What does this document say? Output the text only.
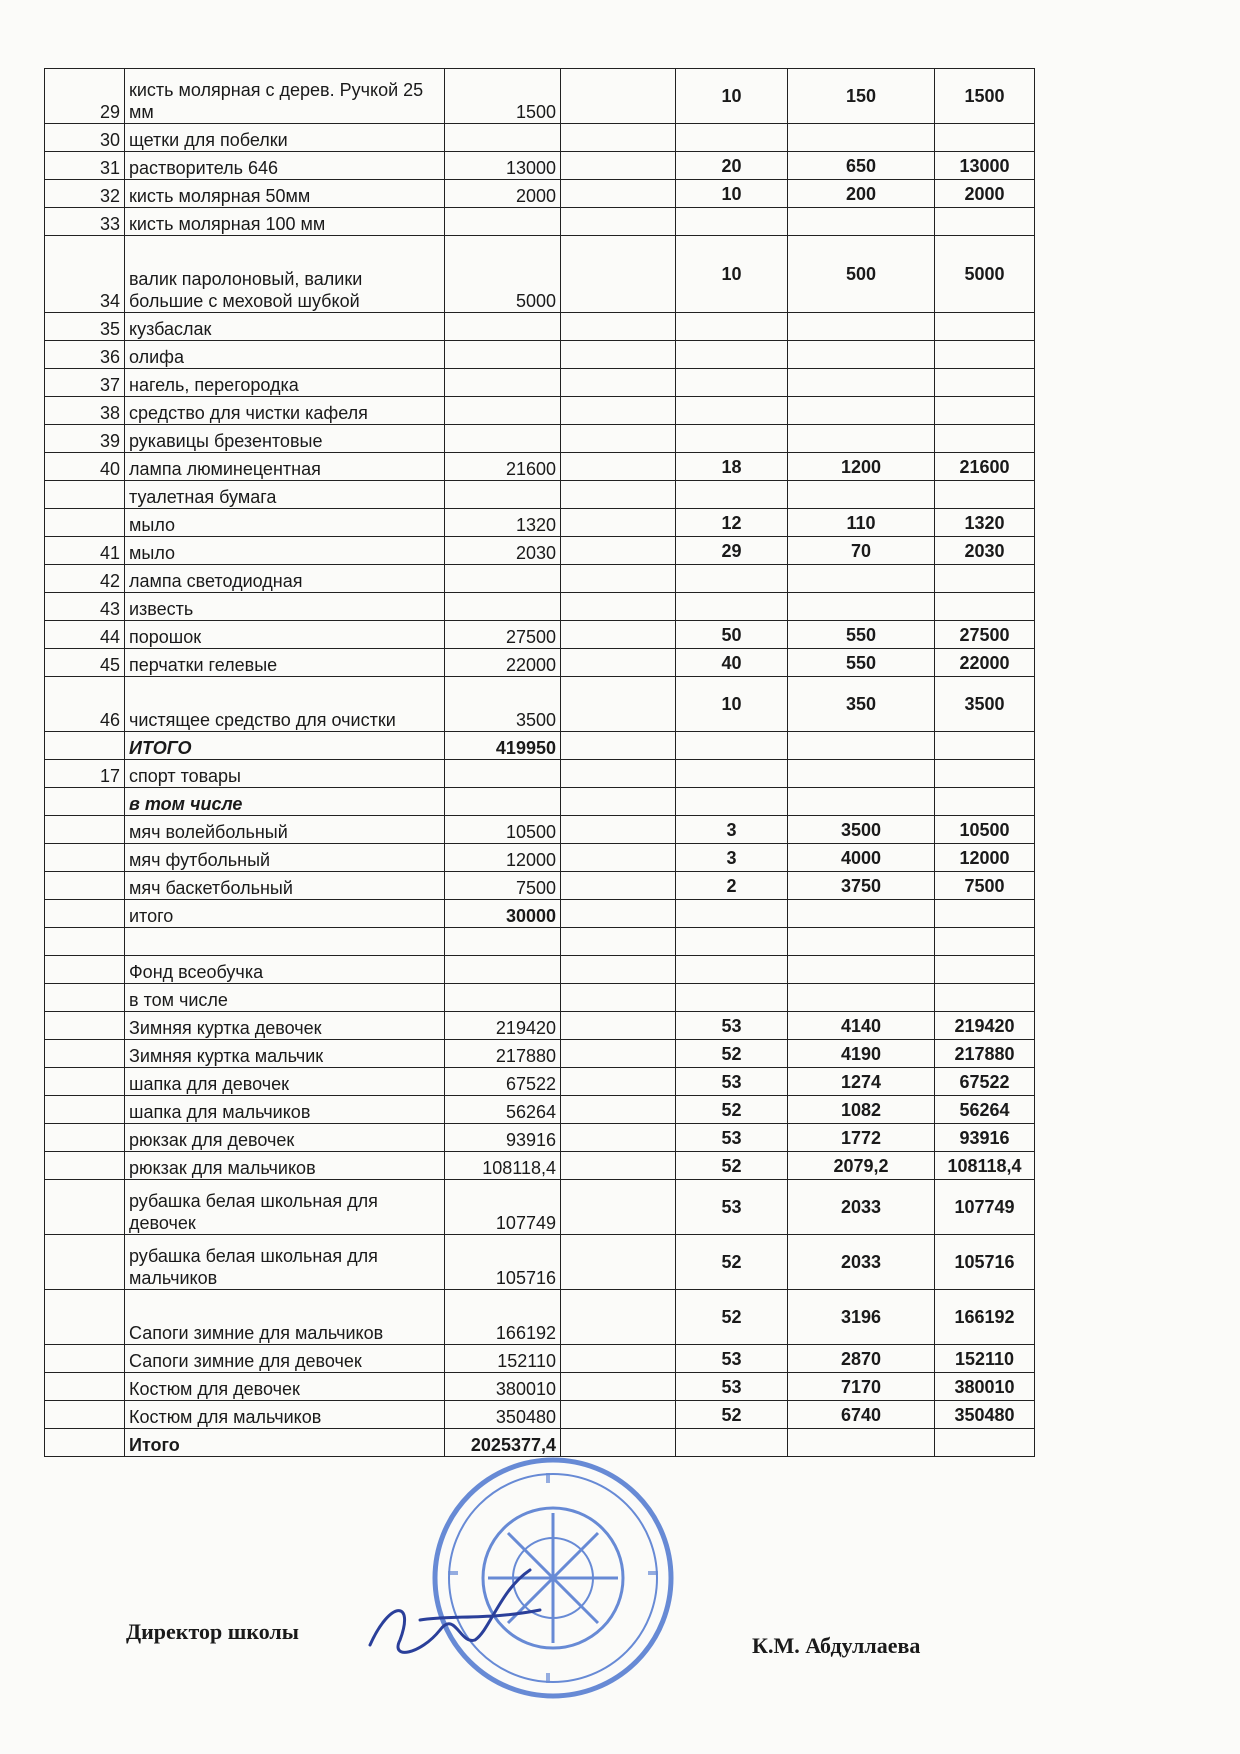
29	кисть молярная с дерев. Ручкой 25 мм	1500		10	150	1500
30	щетки для побелки					
31	растворитель 646	13000		20	650	13000
32	кисть молярная 50мм	2000		10	200	2000
33	кисть молярная 100 мм					
34	валик паролоновый, валики большие с меховой шубкой	5000		10	500	5000
35	кузбаслак					
36	олифа					
37	нагель, перегородка					
38	средство для чистки кафеля					
39	рукавицы брезентовые					
40	лампа люминецентная	21600		18	1200	21600
	туалетная бумага					
	мыло	1320		12	110	1320
41	мыло	2030		29	70	2030
42	лампа светодиодная					
43	известь					
44	порошок	27500		50	550	27500
45	перчатки гелевые	22000		40	550	22000
46	чистящее средство для очистки	3500		10	350	3500
	ИТОГО	419950				
17	спорт товары					
	в том числе					
	мяч волейбольный	10500		3	3500	10500
	мяч футбольный	12000		3	4000	12000
	мяч баскетбольный	7500		2	3750	7500
	итого	30000				

	Фонд всеобучка					
	в том числе					
	Зимняя куртка девочек	219420		53	4140	219420
	Зимняя куртка мальчик	217880		52	4190	217880
	шапка для девочек	67522		53	1274	67522
	шапка для мальчиков	56264		52	1082	56264
	рюкзак для девочек	93916		53	1772	93916
	рюкзак для мальчиков	108118,4		52	2079,2	108118,4
	рубашка белая школьная для девочек	107749		53	2033	107749
	рубашка белая школьная для мальчиков	105716		52	2033	105716
	Сапоги зимние для мальчиков	166192		52	3196	166192
	Сапоги зимние для девочек	152110		53	2870	152110
	Костюм для девочек	380010		53	7170	380010
	Костюм для мальчиков	350480		52	6740	350480
	Итого	2025377,4				
Директор школы
К.М. Абдуллаева
